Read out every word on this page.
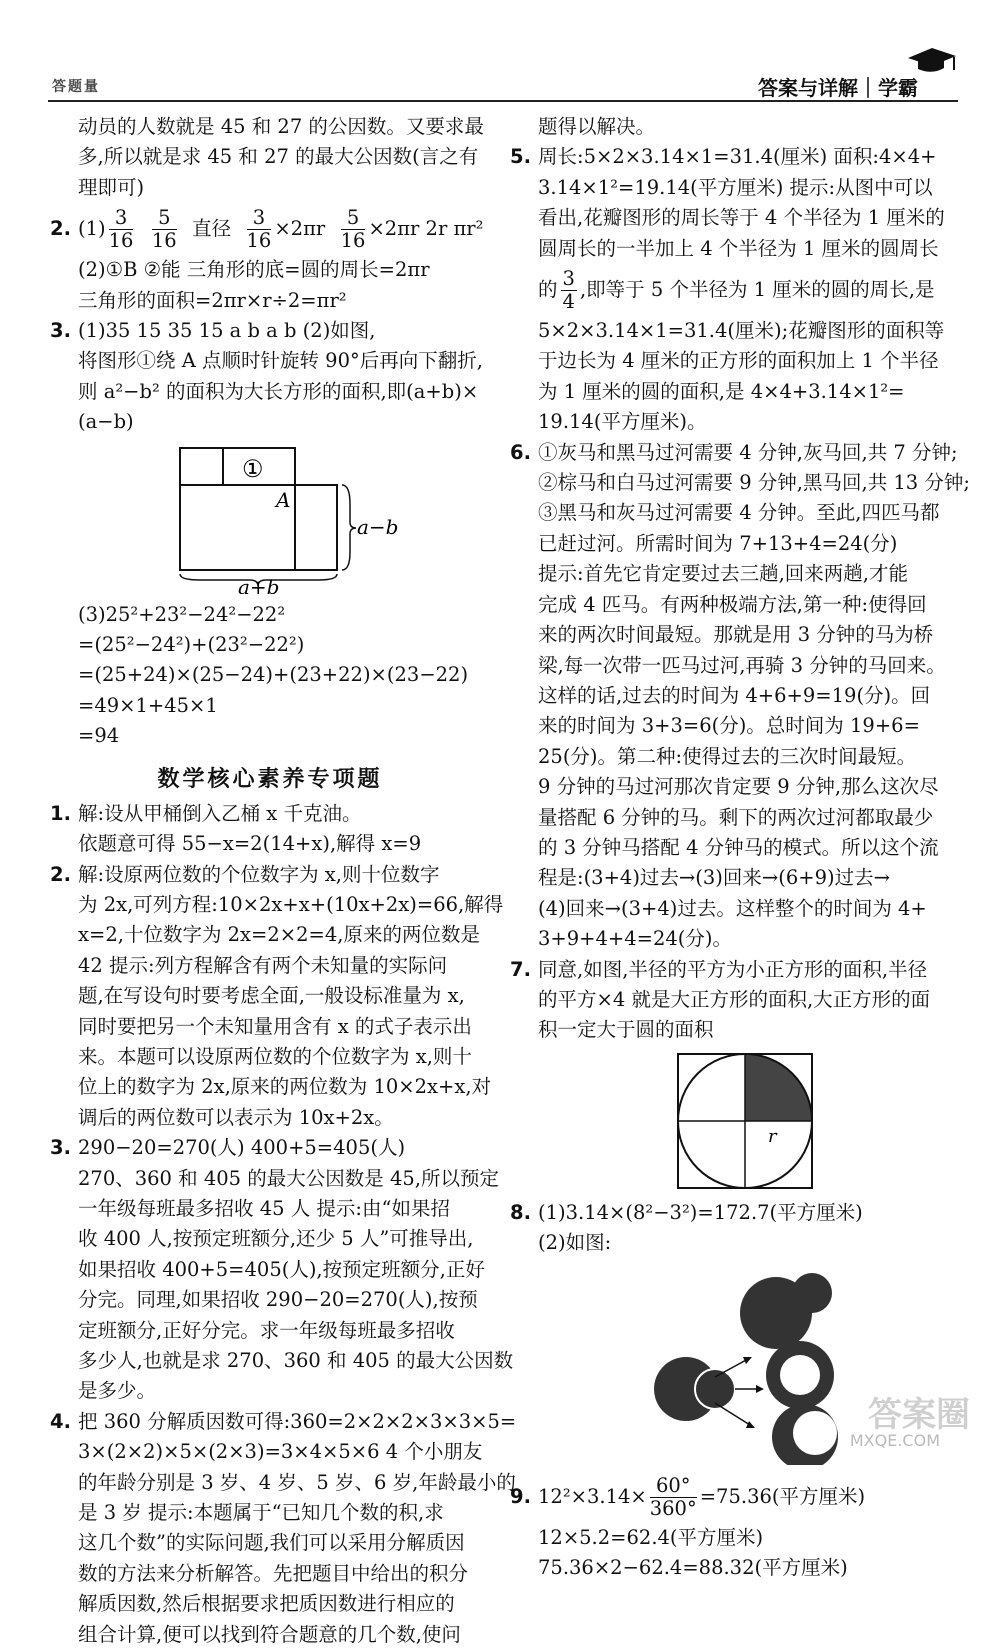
答题量	答案与详解｜学霸
动员的人数就是 45 和 27 的公因数。又要求最
多,所以就是求 45 和 27 的最大公因数(言之有
理即可)
2. $(1) \frac{3}{16}$
$\frac{5}{16}$ 直径 $\frac{3}{16} \times 2\pi r \frac{5}{16} \times 2\pi r$ 2r πr²
(2)①B ②能 三角形的底=圆的周长=2πr
三角形的面积=2πr×r÷2=πr²
3. (1)35 15 35 15 a b a b (2)如图,
将图形①绕 A 点顺时针旋转 90°后再向下翻折,
则 a²−b² 的面积为大长方形的面积,即(a+b)×
(a−b)
①
A
a−b
a+b
(3)25²+23²−24²−22²
=(25²−24²)+(23²−22²)
=(25+24)×(25−24)+(23+22)×(23−22)
=49×1+45×1
=94
数学核心素养专项题
1. 解:设从甲桶倒入乙桶 x 千克油。
依题意可得 55−x=2(14+x),解得 x=9
2. 解:设原两位数的个位数字为 x,则十位数字
为 2x,可列方程:10×2x+x+(10x+2x)=66,解得
x=2,十位数字为 2x=2×2=4,原来的两位数是
42 提示:列方程解含有两个未知量的实际问
题,在写设句时要考虑全面,一般设标准量为 x,
同时要把另一个未知量用含有 x 的式子表示出
来。本题可以设原两位数的个位数字为 x,则十
位上的数字为 2x,原来的两位数为 10×2x+x,对
调后的两位数可以表示为 10x+2x。
3. 290−20=270(人) 400+5=405(人)
270、360 和 405 的最大公因数是 45,所以预定
一年级每班最多招收 45 人 提示:由“如果招
收 400 人,按预定班额分,还少 5 人”可推导出,
如果招收 400+5=405(人),按预定班额分,正好
分完。同理,如果招收 290−20=270(人),按预
定班额分,正好分完。求一年级每班最多招收
多少人,也就是求 270、360 和 405 的最大公因数
是多少。
4. 把 360 分解质因数可得:360=2×2×2×3×3×5=
3×(2×2)×5×(2×3)=3×4×5×6 4 个小朋友
的年龄分别是 3 岁、4 岁、5 岁、6 岁,年龄最小的
是 3 岁 提示:本题属于“已知几个数的积,求
这几个数”的实际问题,我们可以采用分解质因
数的方法来分析解答。先把题目中给出的积分
解质因数,然后根据要求把质因数进行相应的
组合计算,便可以找到符合题意的几个数,使问
题得以解决。
5. 周长:5×2×3.14×1=31.4(厘米) 面积:4×4+
3.14×1²=19.14(平方厘米) 提示:从图中可以
看出,花瓣图形的周长等于 4 个半径为 1 厘米的
圆周长的一半加上 4 个半径为 1 厘米的圆周长
的 $\frac{3}{4}$ ,即等于 5 个半径为 1 厘米的圆的周长,是
5×2×3.14×1=31.4(厘米);花瓣图形的面积等
于边长为 4 厘米的正方形的面积加上 1 个半径
为 1 厘米的圆的面积,是 4×4+3.14×1²=
19.14(平方厘米)。
6. ①灰马和黑马过河需要 4 分钟,灰马回,共 7 分钟;
②棕马和白马过河需要 9 分钟,黑马回,共 13 分钟;
③黑马和灰马过河需要 4 分钟。至此,四匹马都
已赶过河。所需时间为 7+13+4=24(分)
提示:首先它肯定要过去三趟,回来两趟,才能
完成 4 匹马。有两种极端方法,第一种:使得回
来的两次时间最短。那就是用 3 分钟的马为桥
梁,每一次带一匹马过河,再骑 3 分钟的马回来。
这样的话,过去的时间为 4+6+9=19(分)。回
来的时间为 3+3=6(分)。总时间为 19+6=
25(分)。第二种:使得过去的三次时间最短。
9 分钟的马过河那次肯定要 9 分钟,那么这次尽
量搭配 6 分钟的马。剩下的两次过河都取最少
的 3 分钟马搭配 4 分钟马的模式。所以这个流
程是:(3+4)过去→(3)回来→(6+9)过去→
(4)回来→(3+4)过去。这样整个的时间为 4+
3+9+4+4=24(分)。
7. 同意,如图,半径的平方为小正方形的面积,半径
的平方×4 就是大正方形的面积,大正方形的面
积一定大于圆的面积
r
8. (1)3.14×(8²−3²)=172.7(平方厘米)
(2)如图:
9. $12^2\times 3.14\times \frac{60^\circ}{360^\circ} =75.36$(平方厘米)
12×5.2=62.4(平方厘米)
75.36×2−62.4=88.32(平方厘米)
答案圈
MXQE.COM
